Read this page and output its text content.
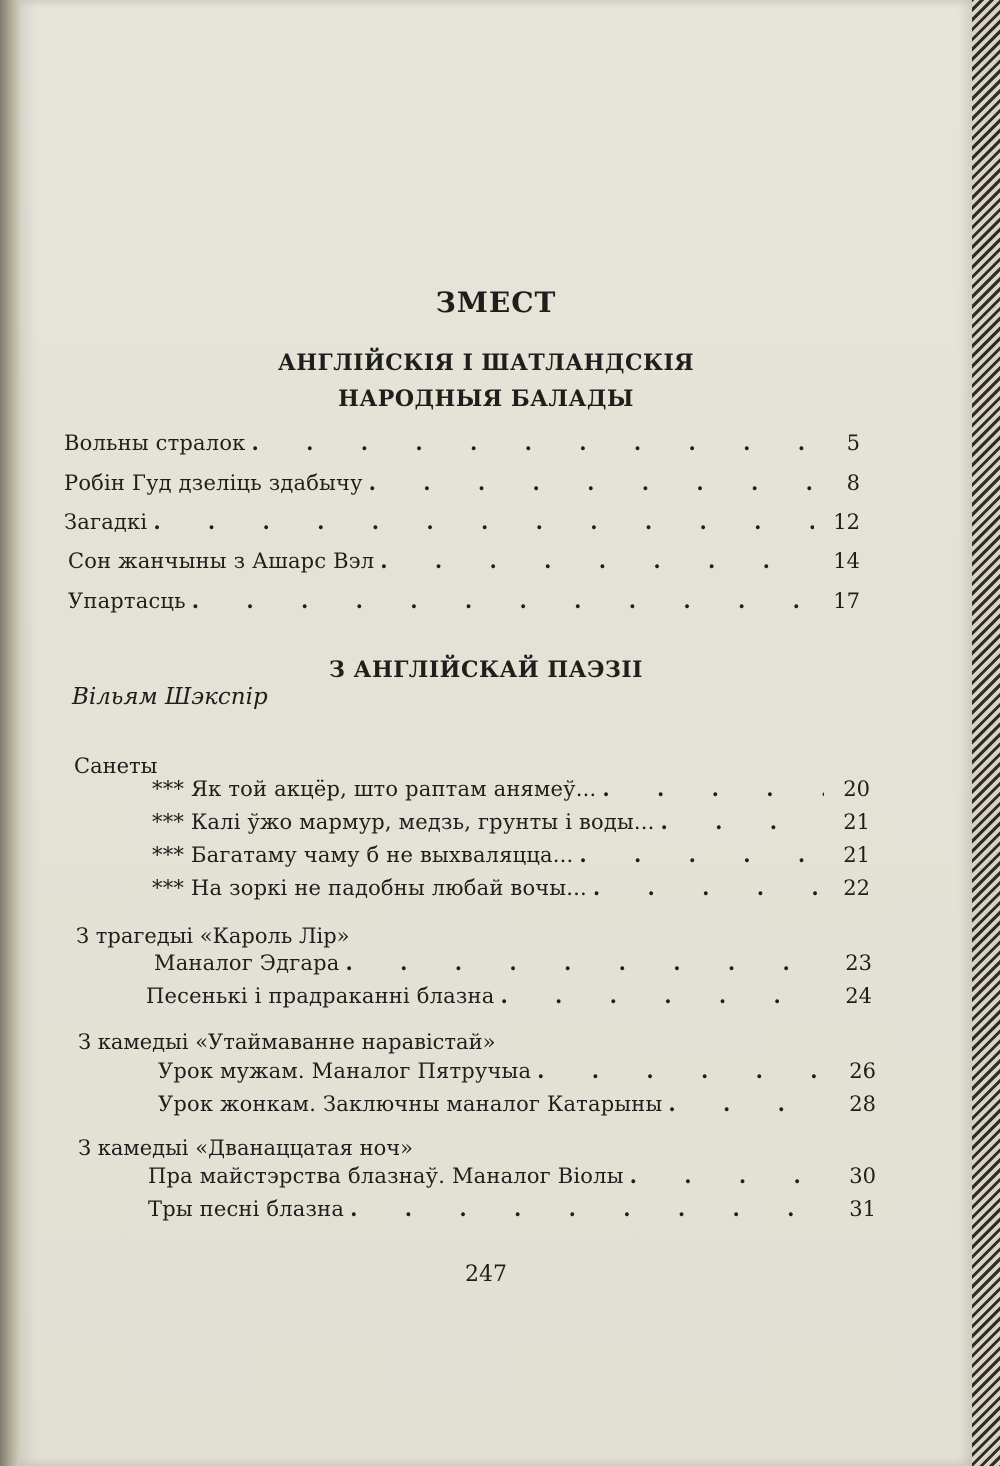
ЗМЕСТ
АНГЛІЙСКІЯ І ШАТЛАНДСКІЯ
НАРОДНЫЯ БАЛАДЫ
Вольны стралок . . .	5
Робін Гуд дзеліць здабычу . . .	8
Загадкі . . .	12
Сон жанчыны з Ашарс Вэл . . .	14
Упартасць . . .	17
З АНГЛІЙСКАЙ ПАЭЗІІ
Вільям Шэкспір
Санеты
*** Як той акцёр, што раптам анямеў... . . .	20
*** Калі ўжо мармур, медзь, грунты і воды... . . .	21
*** Багатаму чаму б не выхваляцца... . . .	21
*** На зоркі не падобны любай вочы... . . .	22
З трагедыі «Кароль Лір»
Маналог Эдгара . . .	23
Песенькі і прадраканні блазна . . .	24
З камедыі «Утаймаванне наравістай»
Урок мужам. Маналог Пятручыа . . .	26
Урок жонкам. Заключны маналог Катарыны . . .	28
З камедыі «Дванаццатая ноч»
Пра майстэрства блазнаў. Маналог Віолы . . .	30
Тры песні блазна . . .	31
247
